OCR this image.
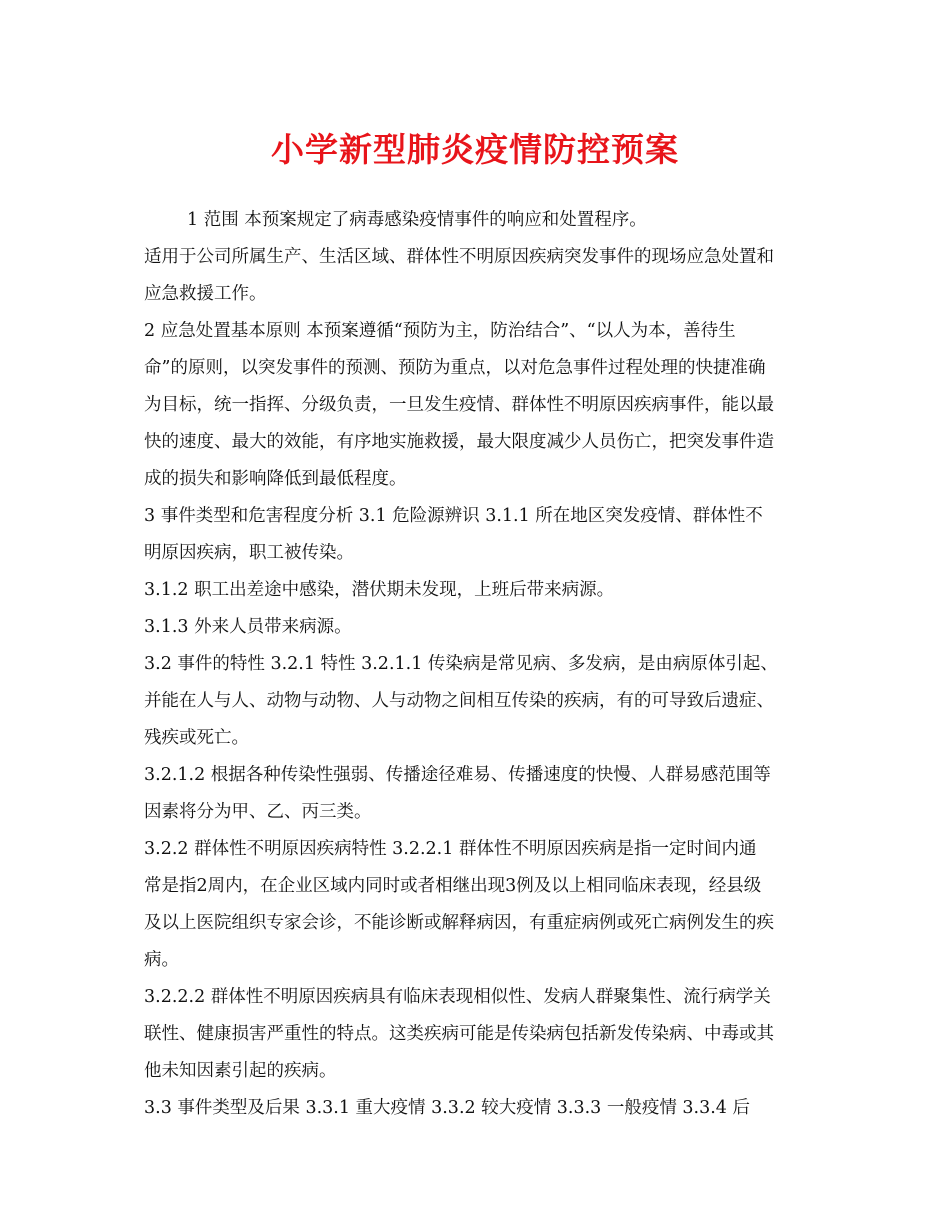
小学新型肺炎疫情防控预案
1 范围 本预案规定了病毒感染疫情事件的响应和处置程序。
适用于公司所属生产、生活区域、群体性不明原因疾病突发事件的现场应急处置和
应急救援工作。
2 应急处置基本原则 本预案遵循“预防为主，防治结合”、“以人为本，善待生
命”的原则，以突发事件的预测、预防为重点，以对危急事件过程处理的快捷准确
为目标，统一指挥、分级负责，一旦发生疫情、群体性不明原因疾病事件，能以最
快的速度、最大的效能，有序地实施救援，最大限度减少人员伤亡，把突发事件造
成的损失和影响降低到最低程度。
3 事件类型和危害程度分析 3.1 危险源辨识 3.1.1 所在地区突发疫情、群体性不
明原因疾病，职工被传染。
3.1.2 职工出差途中感染，潜伏期未发现，上班后带来病源。
3.1.3 外来人员带来病源。
3.2 事件的特性 3.2.1 特性 3.2.1.1 传染病是常见病、多发病，是由病原体引起、
并能在人与人、动物与动物、人与动物之间相互传染的疾病，有的可导致后遗症、
残疾或死亡。
3.2.1.2 根据各种传染性强弱、传播途径难易、传播速度的快慢、人群易感范围等
因素将分为甲、乙、丙三类。
3.2.2 群体性不明原因疾病特性 3.2.2.1 群体性不明原因疾病是指一定时间内通
常是指2周内，在企业区域内同时或者相继出现3例及以上相同临床表现，经县级
及以上医院组织专家会诊，不能诊断或解释病因，有重症病例或死亡病例发生的疾
病。
3.2.2.2 群体性不明原因疾病具有临床表现相似性、发病人群聚集性、流行病学关
联性、健康损害严重性的特点。这类疾病可能是传染病包括新发传染病、中毒或其
他未知因素引起的疾病。
3.3 事件类型及后果 3.3.1 重大疫情 3.3.2 较大疫情 3.3.3 一般疫情 3.3.4 后
